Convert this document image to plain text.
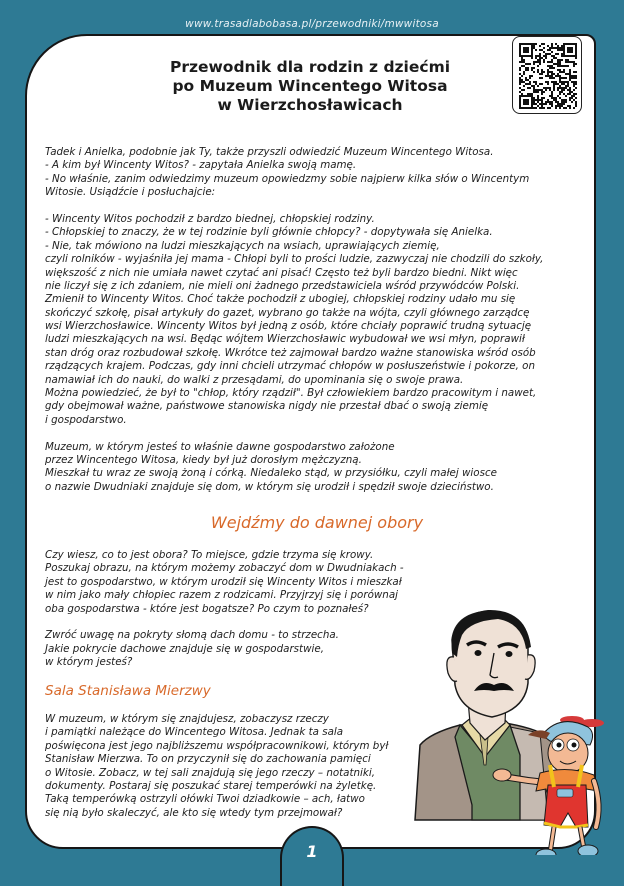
www.trasadlabobasa.pl/przewodniki/mwwitosa
Przewodnik dla rodzin z dziećmi
po Muzeum Wincentego Witosa
w Wierzchosławicach
Tadek i Anielka, podobnie jak Ty, także przyszli odwiedzić Muzeum Wincentego Witosa.
- A kim był Wincenty Witos? - zapytała Anielka swoją mamę.
- No właśnie, zanim odwiedzimy muzeum opowiedzmy sobie najpierw kilka słów o Wincentym
Witosie. Usiądźcie i posłuchajcie:
- Wincenty Witos pochodził z bardzo biednej, chłopskiej rodziny.
- Chłopskiej to znaczy, że w tej rodzinie byli głównie chłopcy? - dopytywała się Anielka.
- Nie, tak mówiono na ludzi mieszkających na wsiach, uprawiających ziemię,
czyli rolników - wyjaśniła jej mama - Chłopi byli to prości ludzie, zazwyczaj nie chodzili do szkoły,
większość z nich nie umiała nawet czytać ani pisać! Często też byli bardzo biedni. Nikt więc
nie liczył się z ich zdaniem, nie mieli oni żadnego przedstawiciela wśród przywódców Polski.
Zmienił to Wincenty Witos. Choć także pochodził z ubogiej, chłopskiej rodziny udało mu się
skończyć szkołę, pisał artykuły do gazet, wybrano go także na wójta, czyli głównego zarządcę
wsi Wierzchosławice. Wincenty Witos był jedną z osób, które chciały poprawić trudną sytuację
ludzi mieszkających na wsi. Będąc wójtem Wierzchosławic wybudował we wsi młyn, poprawił
stan dróg oraz rozbudował szkołę. Wkrótce też zajmował bardzo ważne stanowiska wśród osób
rządzących krajem. Podczas, gdy inni chcieli utrzymać chłopów w posłuszeństwie i pokorze, on
namawiał ich do nauki, do walki z przesądami, do upominania się o swoje prawa.
Można powiedzieć, że był to "chłop, który rządził". Był człowiekiem bardzo pracowitym i nawet,
gdy obejmował ważne, państwowe stanowiska nigdy nie przestał dbać o swoją ziemię
i gospodarstwo.
Muzeum, w którym jesteś to właśnie dawne gospodarstwo założone
przez Wincentego Witosa, kiedy był już dorosłym mężczyzną.
Mieszkał tu wraz ze swoją żoną i córką. Niedaleko stąd, w przysiółku, czyli małej wiosce
o nazwie Dwudniaki znajduje się dom, w którym się urodził i spędził swoje dzieciństwo.
Wejdźmy do dawnej obory
Czy wiesz, co to jest obora? To miejsce, gdzie trzyma się krowy.
Poszukaj obrazu, na którym możemy zobaczyć dom w Dwudniakach -
jest to gospodarstwo, w którym urodził się Wincenty Witos i mieszkał
w nim jako mały chłopiec razem z rodzicami. Przyjrzyj się i porównaj
oba gospodarstwa - które jest bogatsze? Po czym to poznałeś?
Zwróć uwagę na pokryty słomą dach domu - to strzecha.
Jakie pokrycie dachowe znajduje się w gospodarstwie,
w którym jesteś?
Sala Stanisława Mierzwy
W muzeum, w którym się znajdujesz, zobaczysz rzeczy
i pamiątki należące do Wincentego Witosa. Jednak ta sala
poświęcona jest jego najbliższemu współpracownikowi, którym był
Stanisław Mierzwa. To on przyczynił się do zachowania pamięci
o Witosie. Zobacz, w tej sali znajdują się jego rzeczy – notatniki,
dokumenty. Postaraj się poszukać starej temperówki na żyletkę.
Taką temperówką ostrzyli ołówki Twoi dziadkowie – ach, łatwo
się nią było skaleczyć, ale kto się wtedy tym przejmował?
1
